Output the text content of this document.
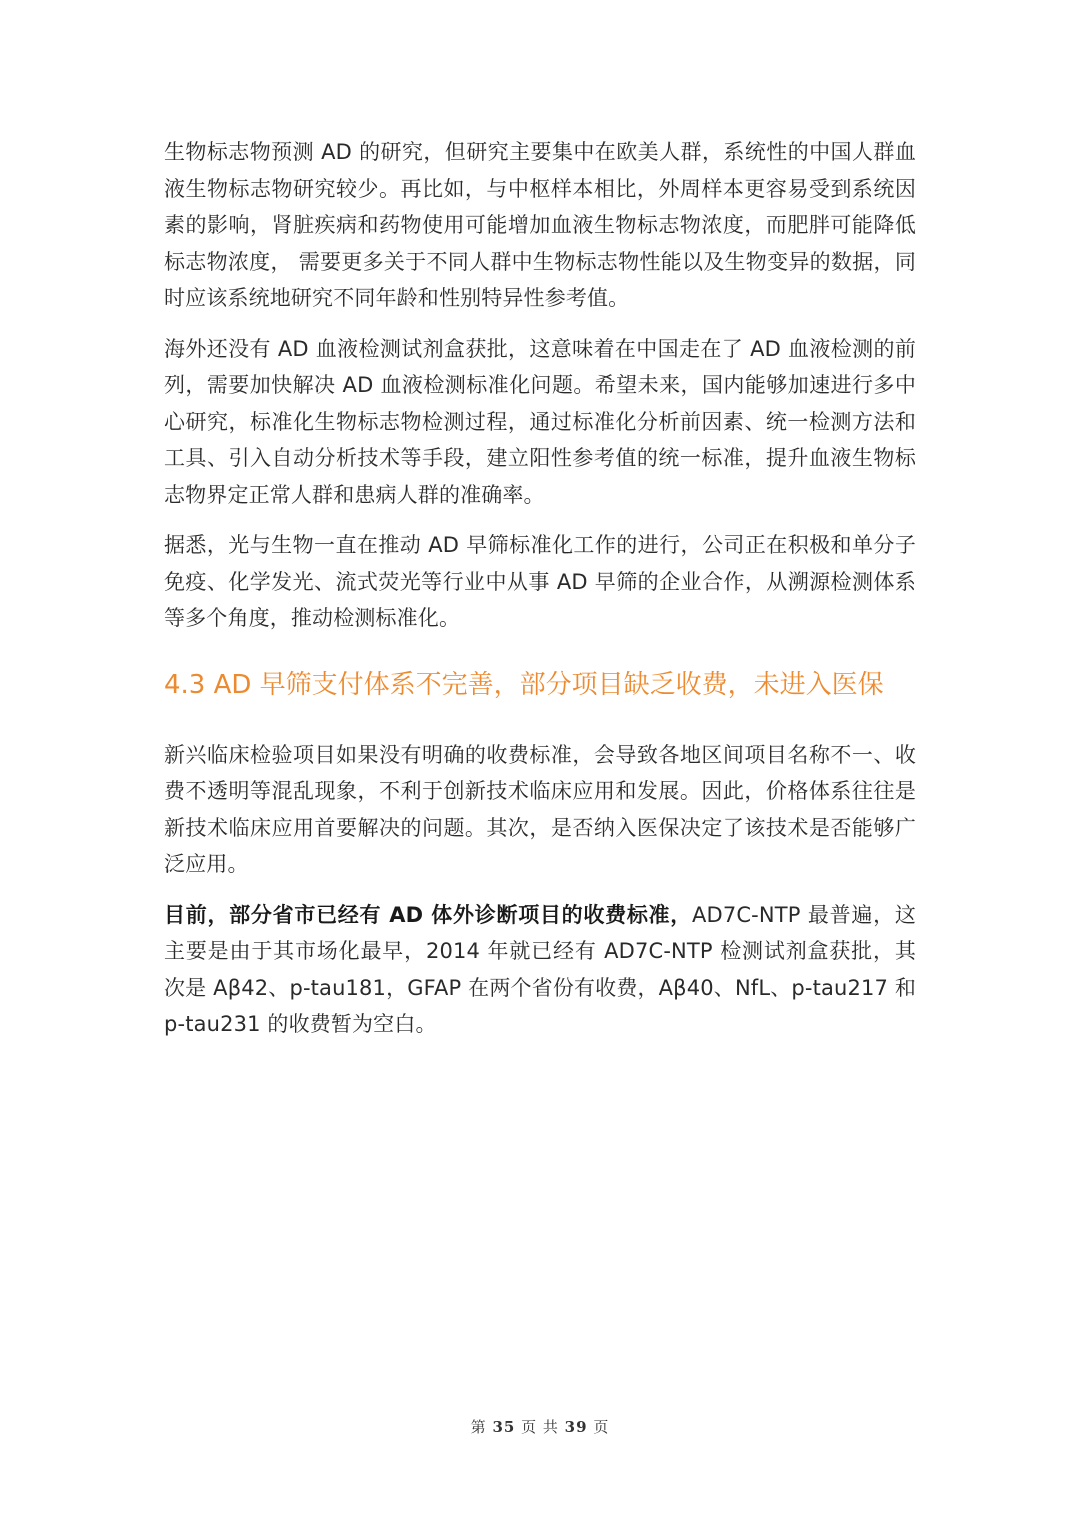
生物标志物预测 AD 的研究，但研究主要集中在欧美人群，系统性的中国人群血液生物标志物研究较少。再比如，与中枢样本相比，外周样本更容易受到系统因素的影响，肾脏疾病和药物使用可能增加血液生物标志物浓度，而肥胖可能降低标志物浓度， 需要更多关于不同人群中生物标志物性能以及生物变异的数据，同时应该系统地研究不同年龄和性别特异性参考值。

海外还没有 AD 血液检测试剂盒获批，这意味着在中国走在了 AD 血液检测的前列，需要加快解决 AD 血液检测标准化问题。希望未来，国内能够加速进行多中心研究，标准化生物标志物检测过程，通过标准化分析前因素、统一检测方法和工具、引入自动分析技术等手段，建立阳性参考值的统一标准，提升血液生物标志物界定正常人群和患病人群的准确率。

据悉，光与生物一直在推动 AD 早筛标准化工作的进行，公司正在积极和单分子免疫、化学发光、流式荧光等行业中从事 AD 早筛的企业合作，从溯源检测体系等多个角度，推动检测标准化。

4.3 AD 早筛支付体系不完善，部分项目缺乏收费，未进入医保

新兴临床检验项目如果没有明确的收费标准，会导致各地区间项目名称不一、收费不透明等混乱现象，不利于创新技术临床应用和发展。因此，价格体系往往是新技术临床应用首要解决的问题。其次，是否纳入医保决定了该技术是否能够广泛应用。

目前，部分省市已经有 AD 体外诊断项目的收费标准，AD7C-NTP 最普遍，这主要是由于其市场化最早，2014 年就已经有 AD7C-NTP 检测试剂盒获批，其次是 Aβ42、p-tau181，GFAP 在两个省份有收费，Aβ40、NfL、p-tau217 和 p-tau231 的收费暂为空白。

第 35 页 共 39 页
